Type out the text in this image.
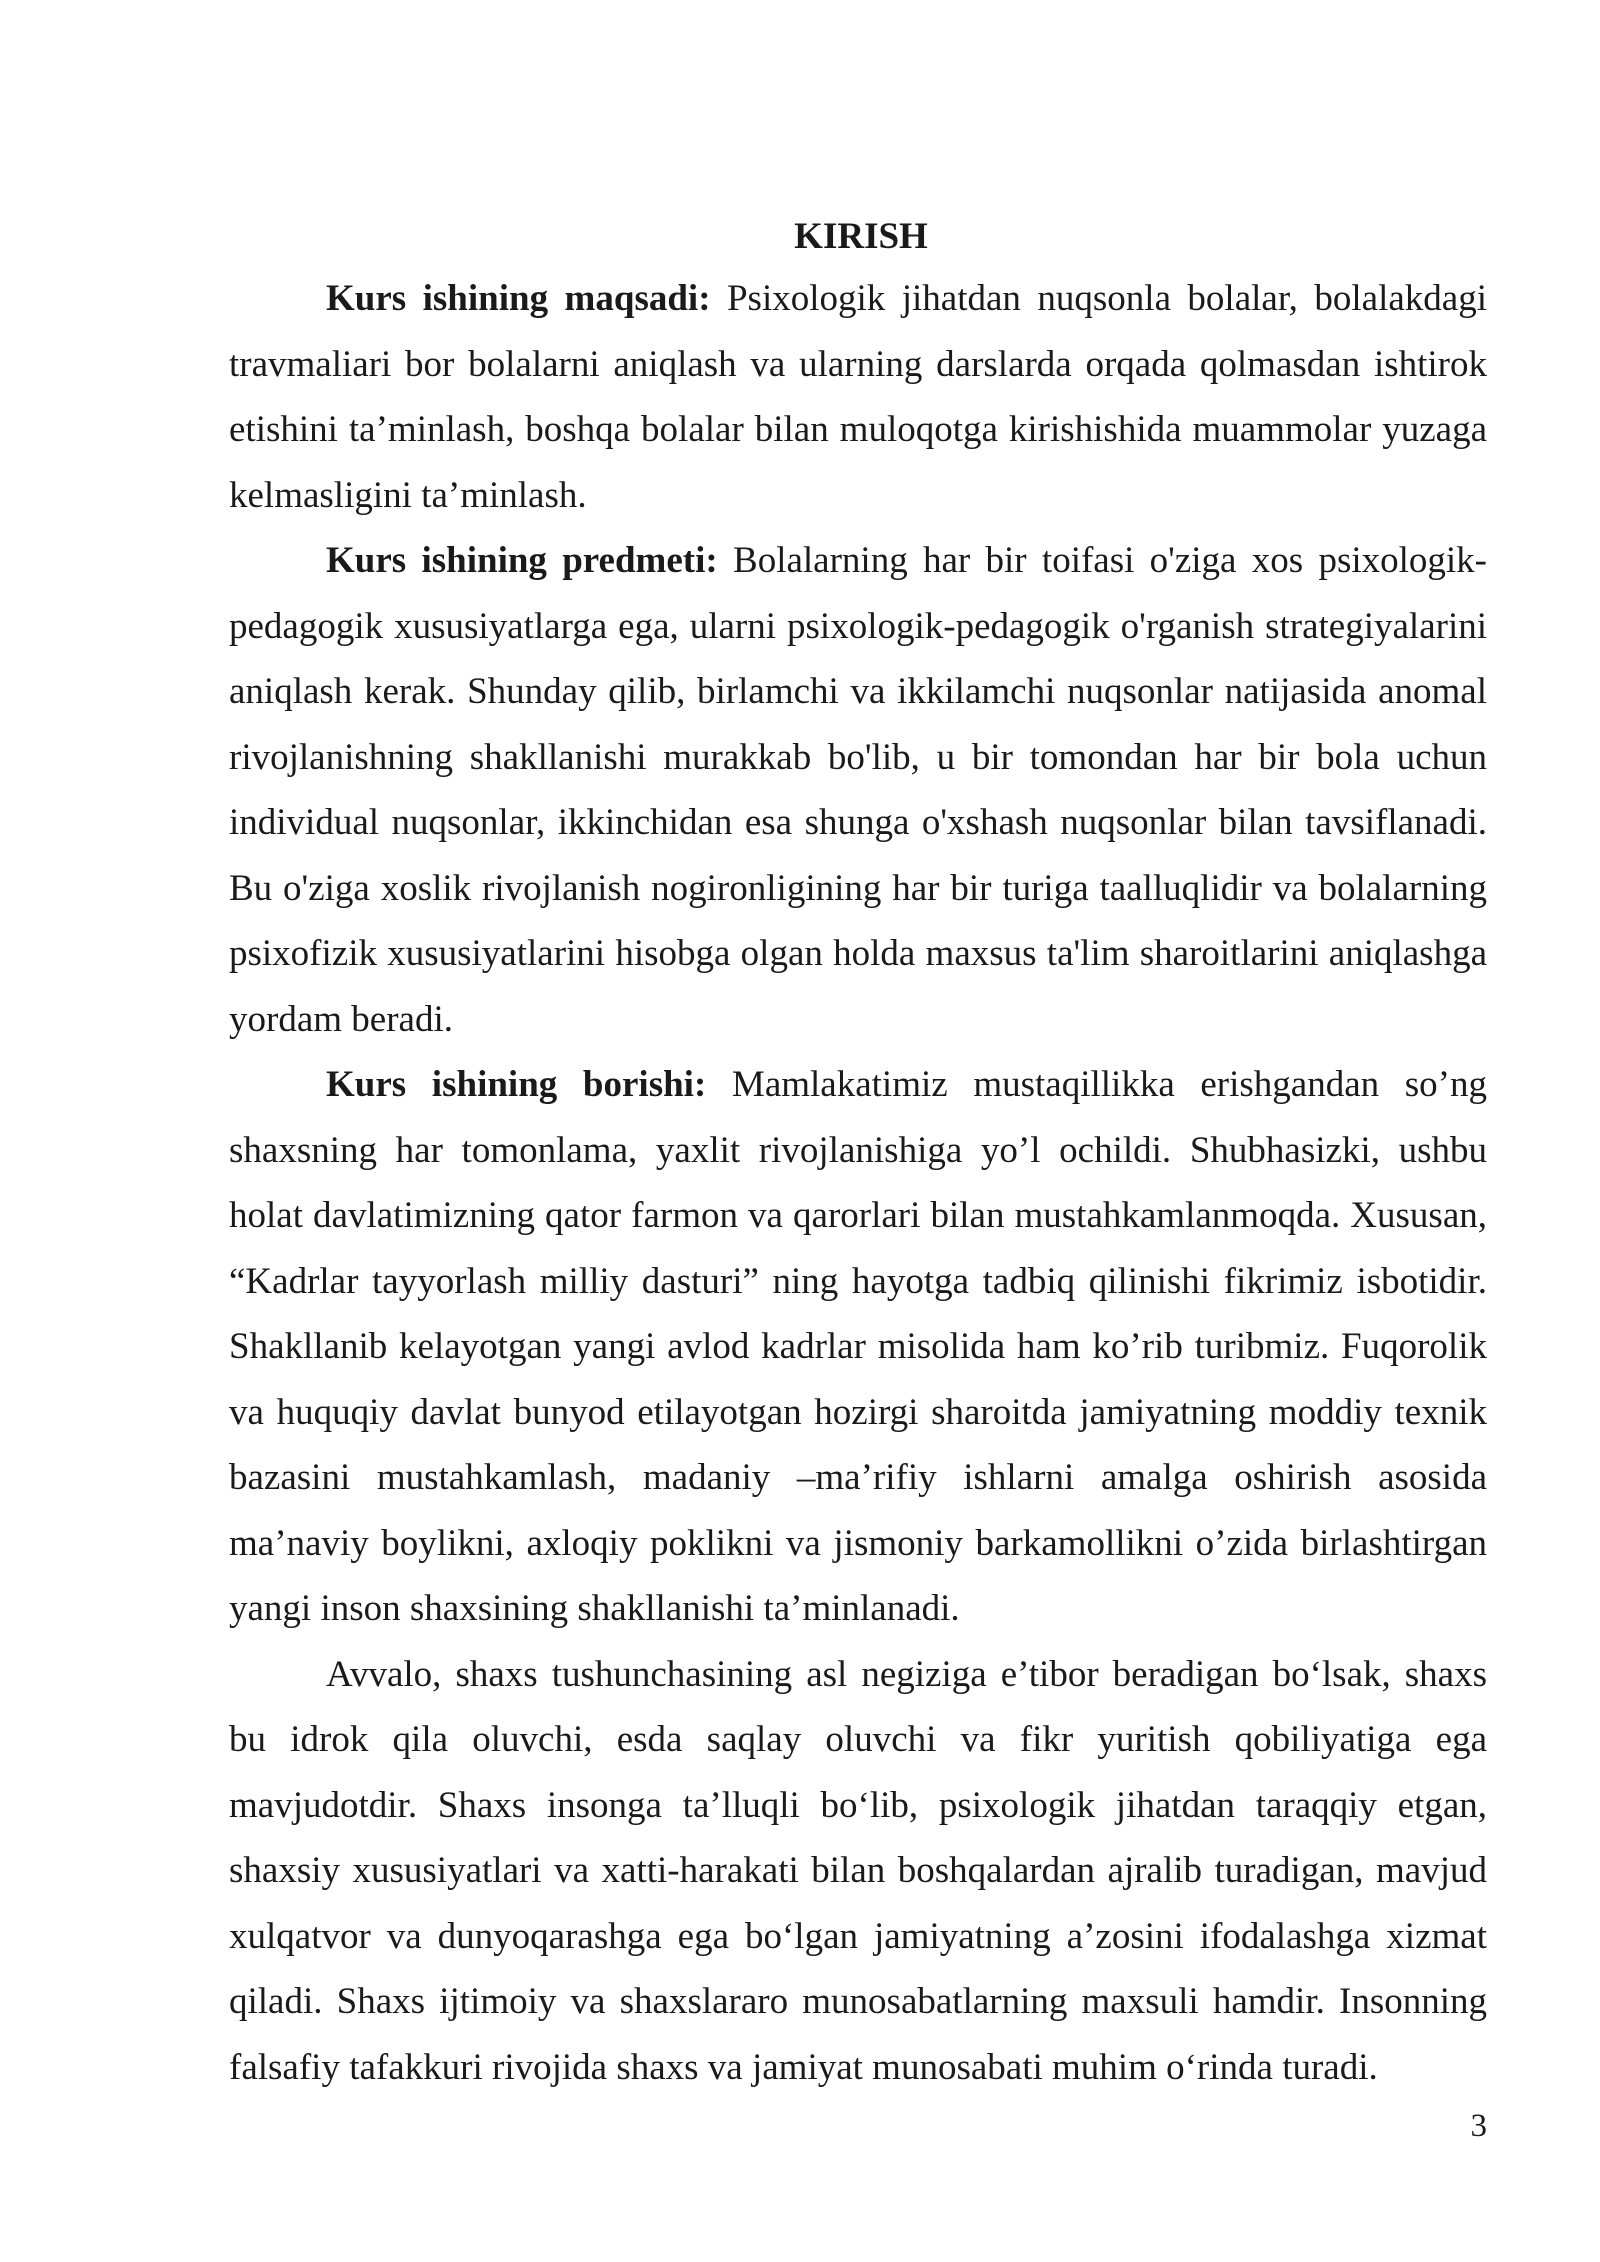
KIRISH

Kurs ishining maqsadi: Psixologik jihatdan nuqsonla bolalar, bolalakdagi travmaliari bor bolalarni aniqlash va ularning darslarda orqada qolmasdan ishtirok etishini ta’minlash, boshqa bolalar bilan muloqotga kirishishida muammolar yuzaga kelmasligini ta’minlash.

Kurs ishining predmeti: Bolalarning har bir toifasi o'ziga xos psixologik-pedagogik xususiyatlarga ega, ularni psixologik-pedagogik o'rganish strategiyalarini aniqlash kerak. Shunday qilib, birlamchi va ikkilamchi nuqsonlar natijasida anomal rivojlanishning shakllanishi murakkab bo'lib, u bir tomondan har bir bola uchun individual nuqsonlar, ikkinchidan esa shunga o'xshash nuqsonlar bilan tavsiflanadi. Bu o'ziga xoslik rivojlanish nogironligining har bir turiga taalluqlidir va bolalarning psixofizik xususiyatlarini hisobga olgan holda maxsus ta'lim sharoitlarini aniqlashga yordam beradi.

Kurs ishining borishi: Mamlakatimiz mustaqillikka erishgandan so’ng shaxsning har tomonlama, yaxlit rivojlanishiga yo’l ochildi. Shubhasizki, ushbu holat davlatimizning qator farmon va qarorlari bilan mustahkamlanmoqda. Xususan, “Kadrlar tayyorlash milliy dasturi” ning hayotga tadbiq qilinishi fikrimiz isbotidir. Shakllanib kelayotgan yangi avlod kadrlar misolida ham ko’rib turibmiz. Fuqorolik va huquqiy davlat bunyod etilayotgan hozirgi sharoitda jamiyatning moddiy texnik bazasini mustahkamlash, madaniy –ma’rifiy ishlarni amalga oshirish asosida ma’naviy boylikni, axloqiy poklikni va jismoniy barkamollikni o’zida birlashtirgan yangi inson shaxsining shakllanishi ta’minlanadi.

Avvalo, shaxs tushunchasining asl negiziga e’tibor beradigan bo‘lsak, shaxs bu idrok qila oluvchi, esda saqlay oluvchi va fikr yuritish qobiliyatiga ega mavjudotdir. Shaxs insonga ta’lluqli bo‘lib, psixologik jihatdan taraqqiy etgan, shaxsiy xususiyatlari va xatti-harakati bilan boshqalardan ajralib turadigan, mavjud xulqatvor va dunyoqarashga ega bo‘lgan jamiyatning a’zosini ifodalashga xizmat qiladi. Shaxs ijtimoiy va shaxslararo munosabatlarning maxsuli hamdir. Insonning falsafiy tafakkuri rivojida shaxs va jamiyat munosabati muhim o‘rinda turadi.

3
